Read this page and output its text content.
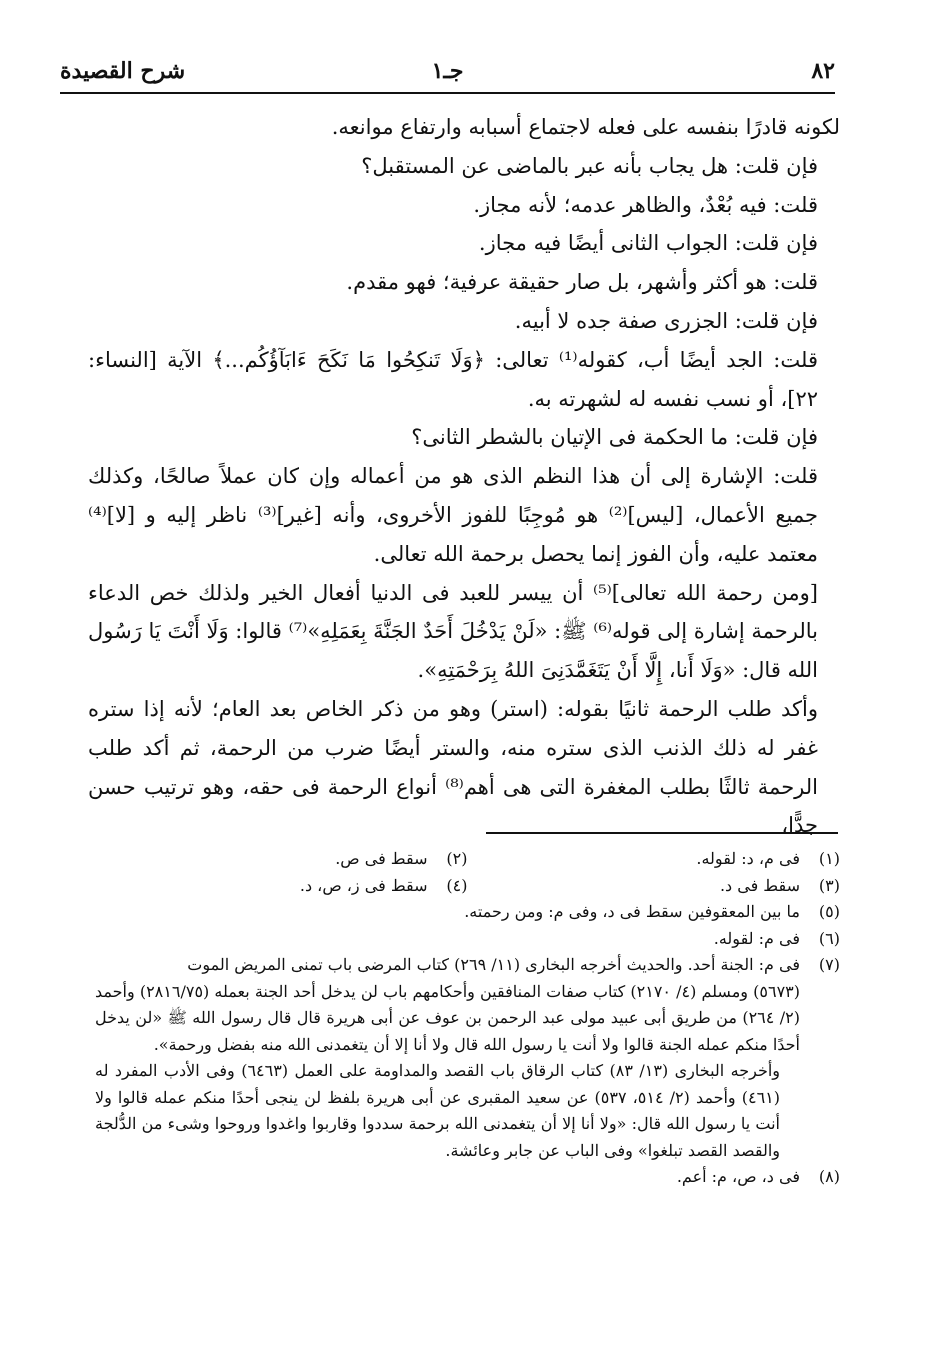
٨٢
جـ١
شرح القصيدة

لكونه قادرًا بنفسه على فعله لاجتماع أسبابه وارتفاع موانعه.

فإن قلت: هل يجاب بأنه عبر بالماضى عن المستقبل؟

قلت: فيه بُعْدٌ، والظاهر عدمه؛ لأنه مجاز.

فإن قلت: الجواب الثانى أيضًا فيه مجاز.

قلت: هو أكثر وأشهر، بل صار حقيقة عرفية؛ فهو مقدم.

فإن قلت: الجزرى صفة جده لا أبيه.

قلت: الجد أيضًا أب، كقوله⁽¹⁾ تعالى: ﴿وَلَا تَنكِحُوا مَا نَكَحَ ءَابَآؤُكُم...﴾ الآية [النساء: ٢٢]، أو نسب نفسه له لشهرته به.

فإن قلت: ما الحكمة فى الإتيان بالشطر الثانى؟

قلت: الإشارة إلى أن هذا النظم الذى هو من أعماله وإن كان عملاً صالحًا، وكذلك جميع الأعمال، [ليس]⁽²⁾ هو مُوجِبًا للفوز الأخروى، وأنه [غير]⁽³⁾ ناظر إليه و [لا]⁽⁴⁾ معتمد عليه، وأن الفوز إنما يحصل برحمة الله تعالى.

[ومن رحمة الله تعالى]⁽⁵⁾ أن ييسر للعبد فى الدنيا أفعال الخير ولذلك خص الدعاء بالرحمة إشارة إلى قوله⁽⁶⁾ ﷺ: «لَنْ يَدْخُلَ أَحَدٌ الجَنَّةَ بِعَمَلِهِ»⁽⁷⁾ قالوا: وَلَا أَنْتَ يَا رَسُول الله قال: «وَلَا أَنا، إِلَّا أَنْ يَتَغَمَّدَنِىَ اللهُ بِرَحْمَتِهِ».

وأكد طلب الرحمة ثانيًا بقوله: (استر) وهو من ذكر الخاص بعد العام؛ لأنه إذا ستره غفر له ذلك الذنب الذى ستره منه، والستر أيضًا ضرب من الرحمة، ثم أكد طلب الرحمة ثالثًا بطلب المغفرة التى هى أهم⁽⁸⁾ أنواع الرحمة فى حقه، وهو ترتيب حسن جدًّا،

(١)
فى م، د: لقوله.
(٢)
سقط فى ص.
(٣)
سقط فى د.
(٤)
سقط فى ز، ص، د.
(٥)
ما بين المعقوفين سقط فى د، وفى م: ومن رحمته.
(٦)
فى م: لقوله.
(٧)
فى م: الجنة أحد. والحديث أخرجه البخارى (١١/ ٢٦٩) كتاب المرضى باب تمنى المريض الموت
(٥٦٧٣) ومسلم (٤/ ٢١٧٠) كتاب صفات المنافقين وأحكامهم باب لن يدخل أحد الجنة بعمله (٢٨١٦/٧٥) وأحمد (٢/ ٢٦٤) من طريق أبى عبيد مولى عبد الرحمن بن عوف عن أبى هريرة قال قال رسول الله ﷺ «لن يدخل أحدًا منكم عمله الجنة قالوا ولا أنت يا رسول الله قال ولا أنا إلا أن يتغمدنى الله منه بفضل ورحمة».
وأخرجه البخارى (١٣/ ٨٣) كتاب الرقاق باب القصد والمداومة على العمل (٦٤٦٣) وفى الأدب المفرد له (٤٦١) وأحمد (٢/ ٥١٤، ٥٣٧) عن سعيد المقبرى عن أبى هريرة بلفظ لن ينجى أحدًا منكم عمله قالوا ولا أنت يا رسول الله قال: «ولا أنا إلا أن يتغمدنى الله برحمة سددوا وقاربوا واغدوا وروحوا وشىء من الدُّلجة والقصد القصد تبلغوا» وفى الباب عن جابر وعائشة.
(٨)
فى د، ص، م: أعم.
